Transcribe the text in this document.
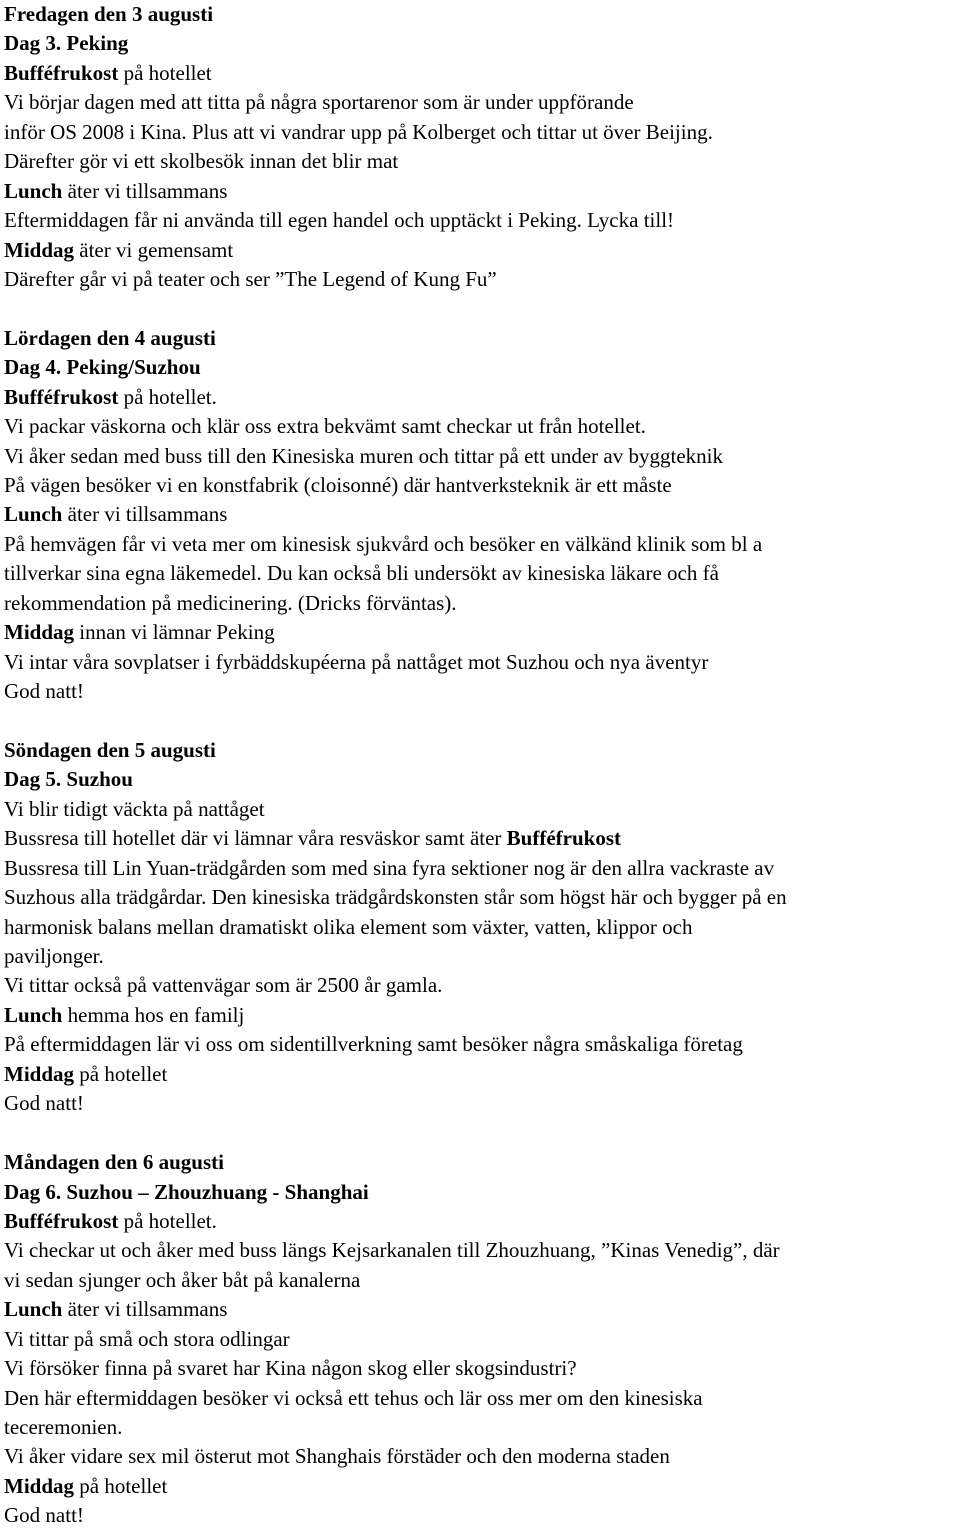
Fredagen den 3 augusti
Dag 3. Peking
Bufféfrukost på hotellet
Vi börjar dagen med att titta på några sportarenor som är under uppförande
inför OS 2008 i Kina. Plus att vi vandrar upp på Kolberget och tittar ut över Beijing.
Därefter gör vi ett skolbesök innan det blir mat
Lunch äter vi tillsammans
Eftermiddagen får ni använda till egen handel och upptäckt i Peking. Lycka till!
Middag äter vi gemensamt
Därefter går vi på teater och ser ”The Legend of Kung Fu”
Lördagen den 4 augusti
Dag 4. Peking/Suzhou
Bufféfrukost på hotellet.
Vi packar väskorna och klär oss extra bekvämt samt checkar ut från hotellet.
Vi åker sedan med buss till den Kinesiska muren och tittar på ett under av byggteknik
På vägen besöker vi en konstfabrik (cloisonné) där hantverksteknik är ett måste
Lunch äter vi tillsammans
På hemvägen får vi veta mer om kinesisk sjukvård och besöker en välkänd klinik som bl a
tillverkar sina egna läkemedel. Du kan också bli undersökt av kinesiska läkare och få
rekommendation på medicinering. (Dricks förväntas).
Middag innan vi lämnar Peking
Vi intar våra sovplatser i fyrbäddskupéerna på nattåget mot Suzhou och nya äventyr
God natt!
Söndagen den 5 augusti
Dag 5. Suzhou
Vi blir tidigt väckta på nattåget
Bussresa till hotellet där vi lämnar våra resväskor samt äter Bufféfrukost
Bussresa till Lin Yuan-trädgården som med sina fyra sektioner nog är den allra vackraste av
Suzhous alla trädgårdar. Den kinesiska trädgårdskonsten står som högst här och bygger på en
harmonisk balans mellan dramatiskt olika element som växter, vatten, klippor och
paviljonger.
Vi tittar också på vattenvägar som är 2500 år gamla.
Lunch hemma hos en familj
På eftermiddagen lär vi oss om sidentillverkning samt besöker några småskaliga företag
Middag på hotellet
God natt!
Måndagen den 6 augusti
Dag 6. Suzhou – Zhouzhuang - Shanghai
Bufféfrukost på hotellet.
Vi checkar ut och åker med buss längs Kejsarkanalen till Zhouzhuang, ”Kinas Venedig”, där
vi sedan sjunger och åker båt på kanalerna
Lunch äter vi tillsammans
Vi tittar på små och stora odlingar
Vi försöker finna på svaret har Kina någon skog eller skogsindustri?
Den här eftermiddagen besöker vi också ett tehus och lär oss mer om den kinesiska
teceremonien.
Vi åker vidare sex mil österut mot Shanghais förstäder och den moderna staden
Middag på hotellet
God natt!
